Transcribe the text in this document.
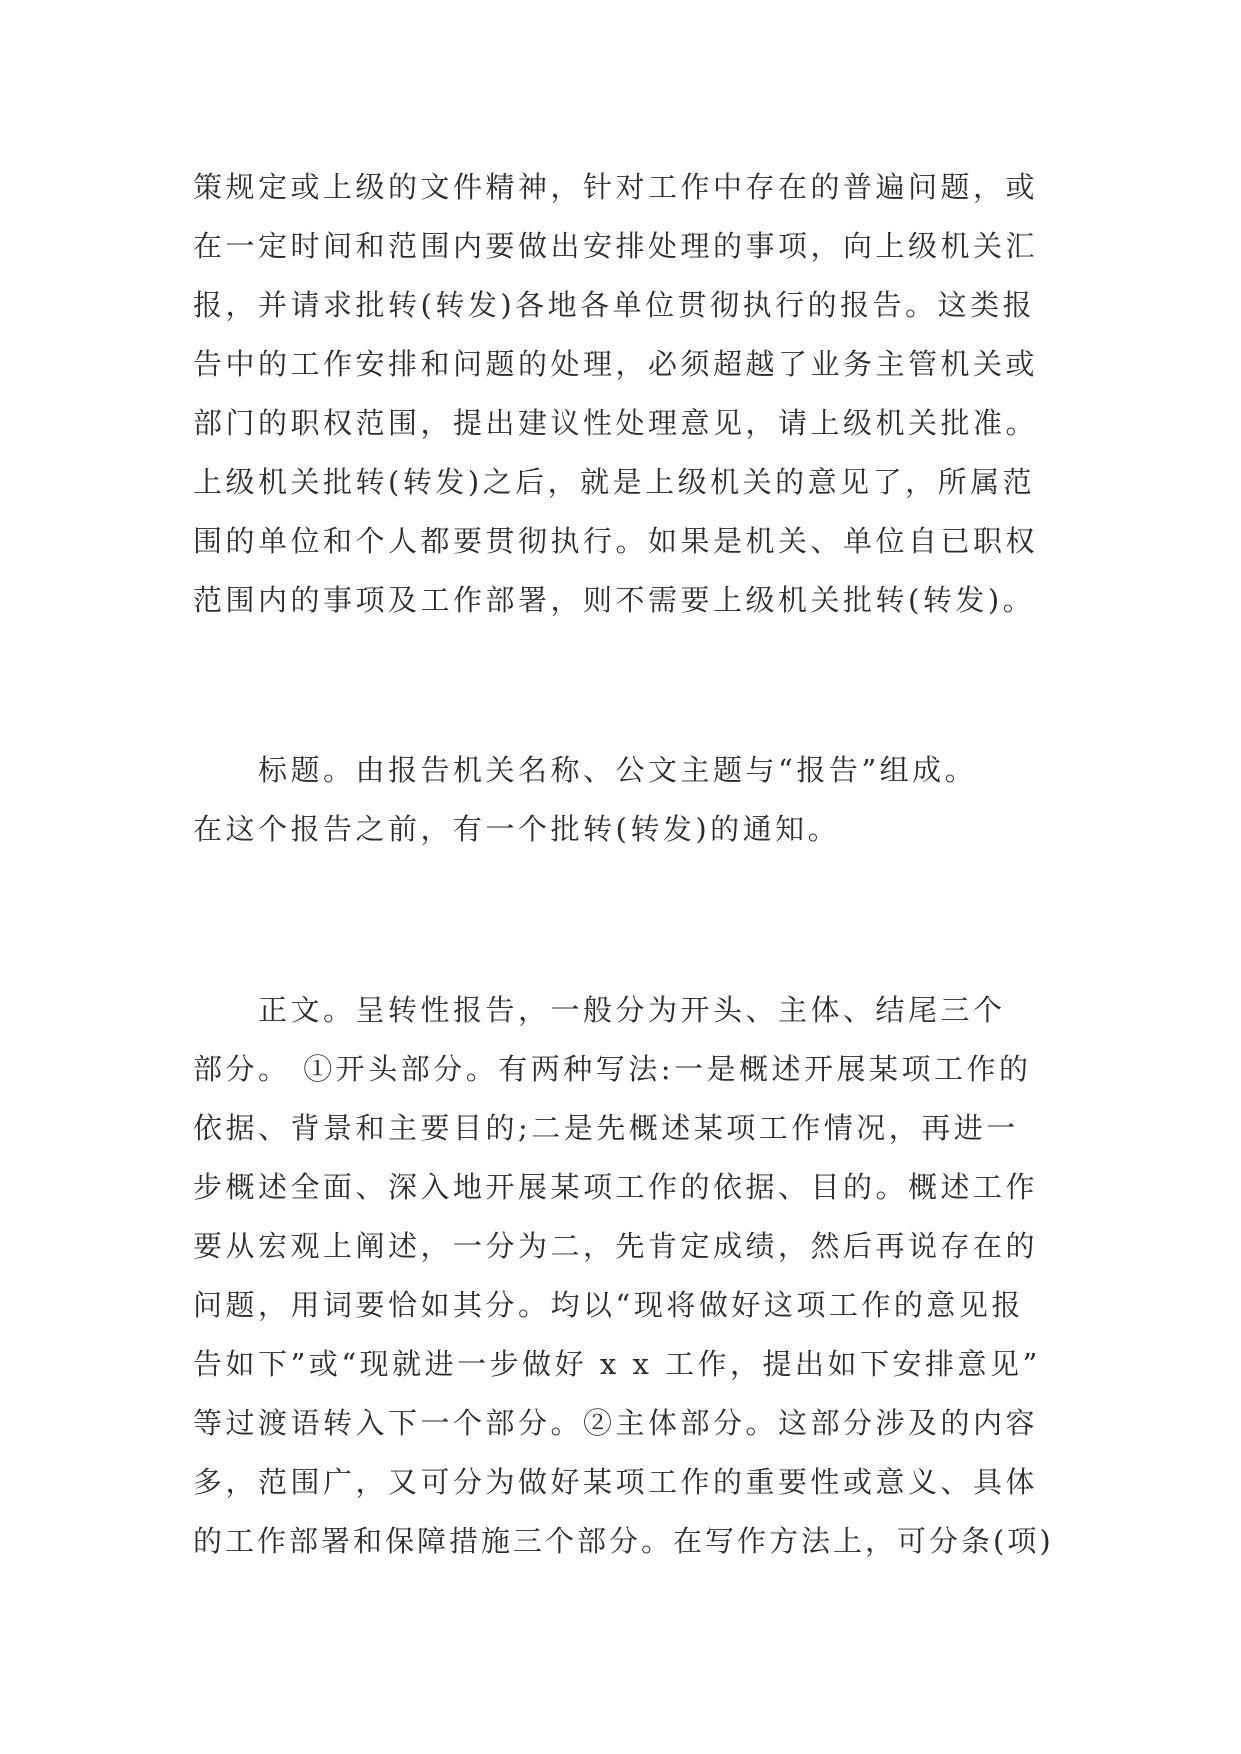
策规定或上级的文件精神，针对工作中存在的普遍问题，或
在一定时间和范围内要做出安排处理的事项，向上级机关汇
报，并请求批转(转发)各地各单位贯彻执行的报告。这类报
告中的工作安排和问题的处理，必须超越了业务主管机关或
部门的职权范围，提出建议性处理意见，请上级机关批准。
上级机关批转(转发)之后，就是上级机关的意见了，所属范
围的单位和个人都要贯彻执行。如果是机关、单位自已职权
范围内的事项及工作部署，则不需要上级机关批转(转发)。
　　标题。由报告机关名称、公文主题与“报告”组成。
在这个报告之前，有一个批转(转发)的通知。
　　正文。呈转性报告，一般分为开头、主体、结尾三个
部分。 ①开头部分。有两种写法:一是概述开展某项工作的
依据、背景和主要目的;二是先概述某项工作情况，再进一
步概述全面、深入地开展某项工作的依据、目的。概述工作
要从宏观上阐述，一分为二，先肯定成绩，然后再说存在的
问题，用词要恰如其分。均以“现将做好这项工作的意见报
告如下”或“现就进一步做好 x x 工作，提出如下安排意见”
等过渡语转入下一个部分。②主体部分。这部分涉及的内容
多，范围广，又可分为做好某项工作的重要性或意义、具体
的工作部署和保障措施三个部分。在写作方法上，可分条(项)
